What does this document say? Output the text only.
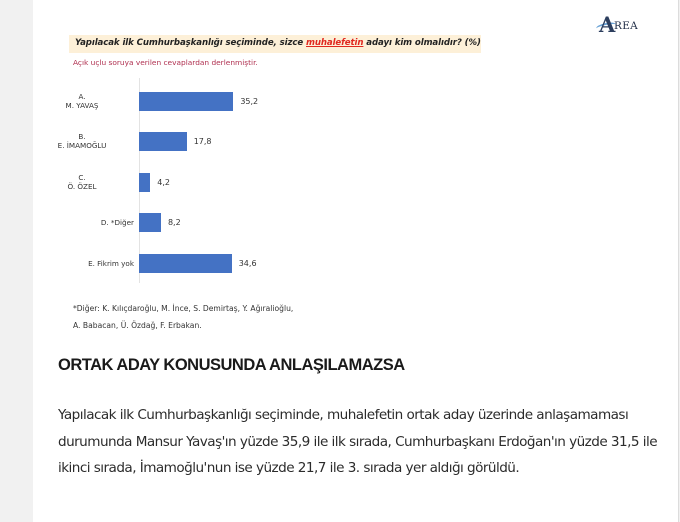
Yapılacak ilk Cumhurbaşkanlığı seçiminde, sizce muhalefetin adayı kim olmalıdır? (%)
Açık uçlu soruya verilen cevaplardan derlenmiştir.
A
REA
A.
M. YAVAŞ	35,2
B.
E. İMAMOĞLU	17,8
C.
Ö. ÖZEL	4,2
D. *Diğer	8,2
E. Fikrim yok	34,6
*Diğer: K. Kılıçdaroğlu, M. İnce, S. Demirtaş, Y. Ağıralioğlu,
A. Babacan, Ü. Özdağ, F. Erbakan.
ORTAK ADAY KONUSUNDA ANLAŞILAMAZSA
Yapılacak ilk Cumhurbaşkanlığı seçiminde, muhalefetin ortak aday üzerinde anlaşamaması durumunda Mansur Yavaş'ın yüzde 35,9 ile ilk sırada, Cumhurbaşkanı Erdoğan'ın yüzde 31,5 ile ikinci sırada, İmamoğlu'nun ise yüzde 21,7 ile 3. sırada yer aldığı görüldü.
